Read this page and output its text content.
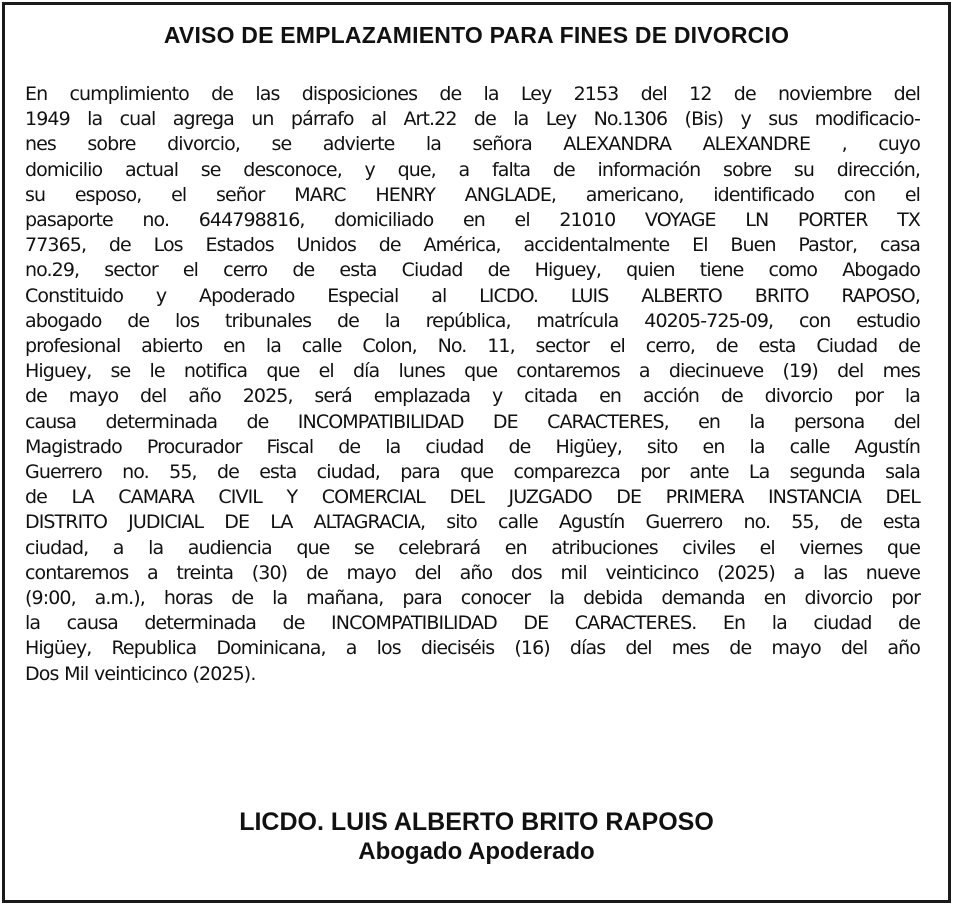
AVISO DE EMPLAZAMIENTO PARA FINES DE DIVORCIO
En cumplimiento de las disposiciones de la Ley 2153 del 12 de noviembre del
1949 la cual agrega un párrafo al Art.22 de la Ley No.1306 (Bis) y sus modificacio-
nes sobre divorcio, se advierte la señora ALEXANDRA ALEXANDRE , cuyo
domicilio actual se desconoce, y que, a falta de información sobre su dirección,
su esposo, el señor MARC HENRY ANGLADE, americano, identificado con el
pasaporte no. 644798816, domiciliado en el 21010 VOYAGE LN PORTER TX
77365, de Los Estados Unidos de América, accidentalmente El Buen Pastor, casa
no.29, sector el cerro de esta Ciudad de Higuey, quien tiene como Abogado
Constituido y Apoderado Especial al LICDO. LUIS ALBERTO BRITO RAPOSO,
abogado de los tribunales de la república, matrícula 40205-725-09, con estudio
profesional abierto en la calle Colon, No. 11, sector el cerro, de esta Ciudad de
Higuey, se le notifica que el día lunes que contaremos a diecinueve (19) del mes
de mayo del año 2025, será emplazada y citada en acción de divorcio por la
causa determinada de INCOMPATIBILIDAD DE CARACTERES, en la persona del
Magistrado Procurador Fiscal de la ciudad de Higüey, sito en la calle Agustín
Guerrero no. 55, de esta ciudad, para que comparezca por ante La segunda sala
de LA CAMARA CIVIL Y COMERCIAL DEL JUZGADO DE PRIMERA INSTANCIA DEL
DISTRITO JUDICIAL DE LA ALTAGRACIA, sito calle Agustín Guerrero no. 55, de esta
ciudad, a la audiencia que se celebrará en atribuciones civiles el viernes que
contaremos a treinta (30) de mayo del año dos mil veinticinco (2025) a las nueve
(9:00, a.m.), horas de la mañana, para conocer la debida demanda en divorcio por
la causa determinada de INCOMPATIBILIDAD DE CARACTERES. En la ciudad de
Higüey, Republica Dominicana, a los dieciséis (16) días del mes de mayo del año
Dos Mil veinticinco (2025).
LICDO. LUIS ALBERTO BRITO RAPOSO
Abogado Apoderado
